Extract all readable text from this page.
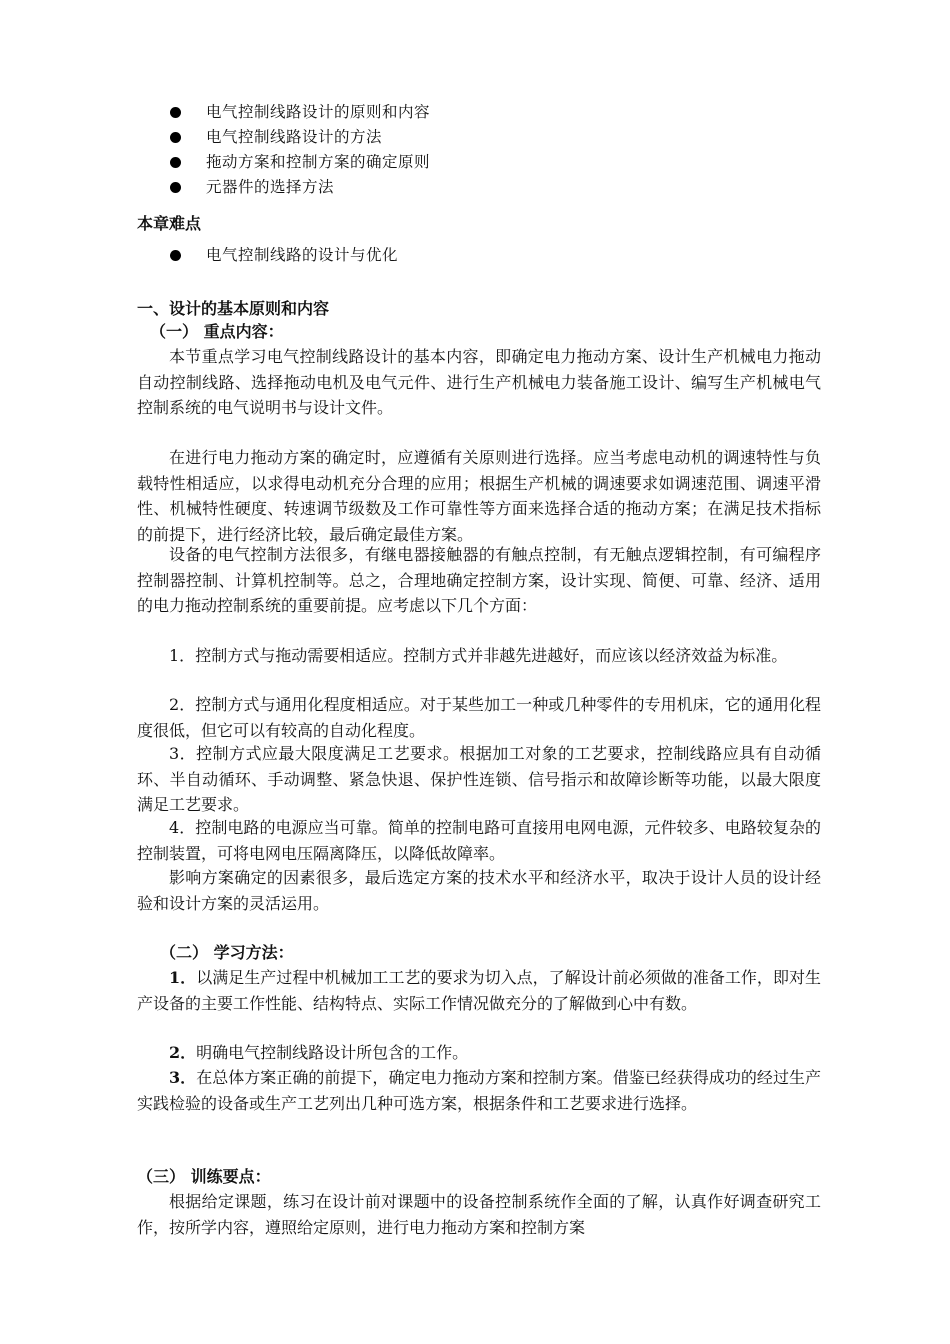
电气控制线路设计的原则和内容
电气控制线路设计的方法
拖动方案和控制方案的确定原则
元器件的选择方法
本章难点
电气控制线路的设计与优化
一、设计的基本原则和内容
（一） 重点内容：

本节重点学习电气控制线路设计的基本内容，即确定电力拖动方案、设计生产机械电力拖动自动控制线路、选择拖动电机及电气元件、进行生产机械电力装备施工设计、编写生产机械电气控制系统的电气说明书与设计文件。

在进行电力拖动方案的确定时，应遵循有关原则进行选择。应当考虑电动机的调速特性与负载特性相适应，以求得电动机充分合理的应用；根据生产机械的调速要求如调速范围、调速平滑性、机械特性硬度、转速调节级数及工作可靠性等方面来选择合适的拖动方案；在满足技术指标的前提下，进行经济比较，最后确定最佳方案。

设备的电气控制方法很多，有继电器接触器的有触点控制，有无触点逻辑控制，有可编程序控制器控制、计算机控制等。总之，合理地确定控制方案，设计实现、简便、可靠、经济、适用的电力拖动控制系统的重要前提。应考虑以下几个方面：

1．控制方式与拖动需要相适应。控制方式并非越先进越好，而应该以经济效益为标准。

2．控制方式与通用化程度相适应。对于某些加工一种或几种零件的专用机床，它的通用化程度很低，但它可以有较高的自动化程度。

3．控制方式应最大限度满足工艺要求。根据加工对象的工艺要求，控制线路应具有自动循环、半自动循环、手动调整、紧急快退、保护性连锁、信号指示和故障诊断等功能，以最大限度满足工艺要求。

4．控制电路的电源应当可靠。简单的控制电路可直接用电网电源，元件较多、电路较复杂的控制装置，可将电网电压隔离降压，以降低故障率。

影响方案确定的因素很多，最后选定方案的技术水平和经济水平，取决于设计人员的设计经验和设计方案的灵活运用。

（二） 学习方法：

1．以满足生产过程中机械加工工艺的要求为切入点，了解设计前必须做的准备工作，即对生产设备的主要工作性能、结构特点、实际工作情况做充分的了解做到心中有数。

2．明确电气控制线路设计所包含的工作。

3．在总体方案正确的前提下，确定电力拖动方案和控制方案。借鉴已经获得成功的经过生产实践检验的设备或生产工艺列出几种可选方案，根据条件和工艺要求进行选择。

（三） 训练要点：

根据给定课题，练习在设计前对课题中的设备控制系统作全面的了解，认真作好调查研究工作，按所学内容，遵照给定原则，进行电力拖动方案和控制方案
